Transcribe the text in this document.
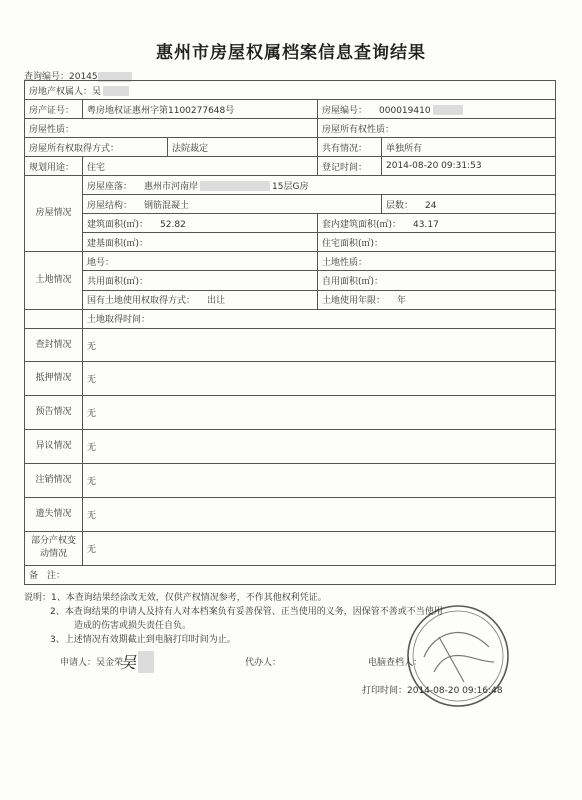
惠州市房屋权属档案信息查询结果
查询编号：20145
房地产权属人：吴				
房产证号：	粤房地权证惠州字第1100277648号		房屋编号： 000019410	
房屋性质：			房屋所有权性质：	
房屋所有权取得方式：		法院裁定	共有情况：	单独所有
规划用途：	住宅		登记时间：	2014-08-20 09:31:53
房屋情况	房屋座落： 惠州市河南岸 15层G房			
	房屋结构： 钢筋混凝土			层数： 24
	建筑面积(㎡)： 52.82		套内建筑面积(㎡)： 43.17	
	建基面积(㎡)：		住宅面积(㎡)：	
土地情况	地号：		土地性质：	
	共用面积(㎡)：		自用面积(㎡)：	
	国有土地使用权取得方式： 出让		土地使用年限： 年	
	土地取得时间：			
查封情况	无			
抵押情况	无			
预告情况	无			
异议情况	无			
注销情况	无			
遗失情况	无			
部分产权变动情况	无			
备　注：				
说明：1、本查询结果经涂改无效，仅供产权情况参考，不作其他权利凭证。
2、本查询结果的申请人及持有人对本档案负有妥善保管、正当使用的义务，因保管不善或不当使用
造成的伤害或损失责任自负。
3、上述情况有效期截止到电脑打印时间为止。
申请人：吴金荣
吴	代办人：	电脑查档人：
打印时间：2014-08-20 09:16:48
